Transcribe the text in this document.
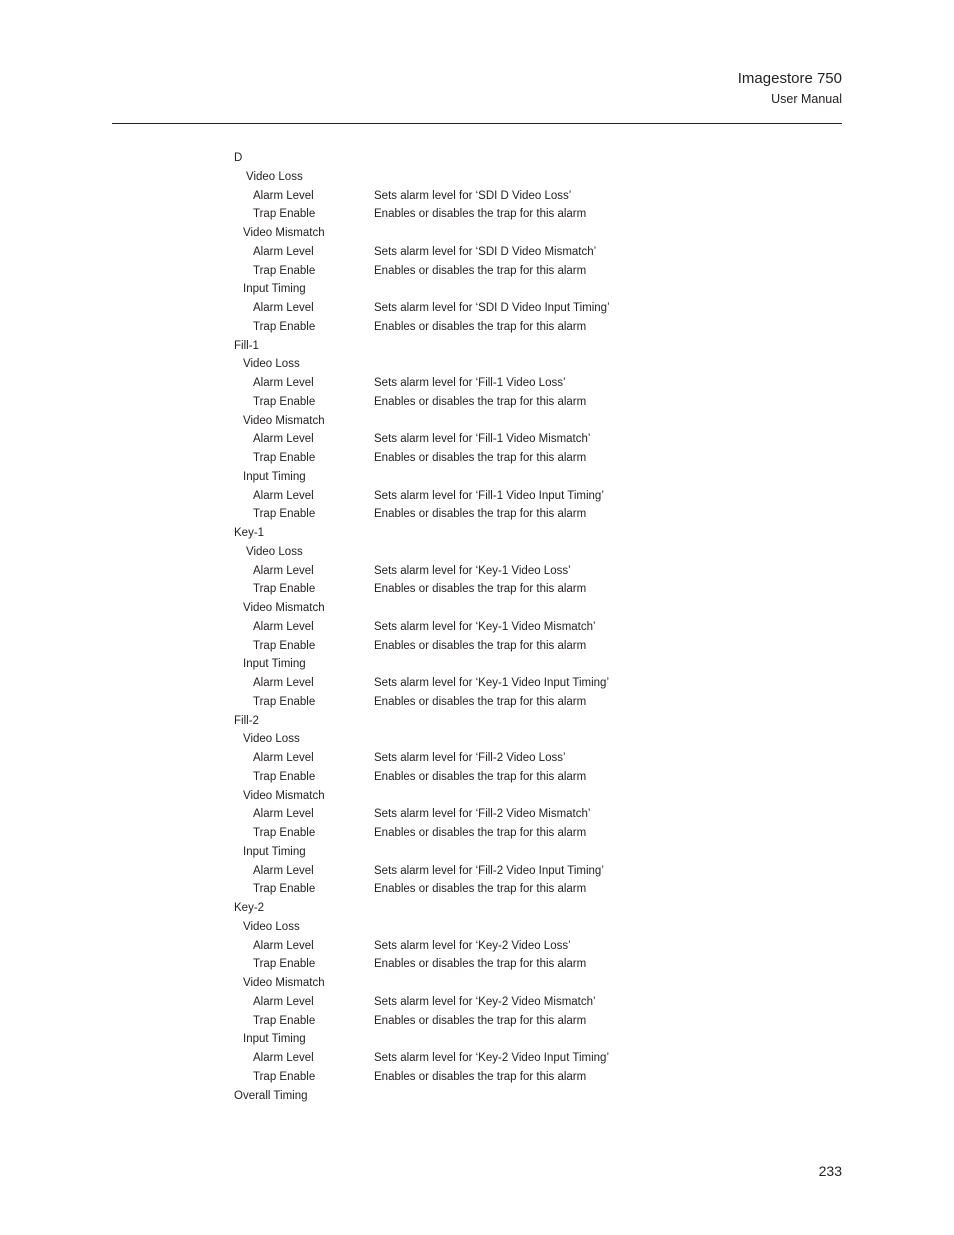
Imagestore 750
User Manual
D
Video Loss
Alarm Level	Sets alarm level for ‘SDI D Video Loss’
Trap Enable	Enables or disables the trap for this alarm
Video Mismatch
Alarm Level	Sets alarm level for ‘SDI D Video Mismatch’
Trap Enable	Enables or disables the trap for this alarm
Input Timing
Alarm Level	Sets alarm level for ‘SDI D Video Input Timing’
Trap Enable	Enables or disables the trap for this alarm
Fill-1
Video Loss
Alarm Level	Sets alarm level for ‘Fill-1 Video Loss’
Trap Enable	Enables or disables the trap for this alarm
Video Mismatch
Alarm Level	Sets alarm level for ‘Fill-1 Video Mismatch’
Trap Enable	Enables or disables the trap for this alarm
Input Timing
Alarm Level	Sets alarm level for ‘Fill-1 Video Input Timing’
Trap Enable	Enables or disables the trap for this alarm
Key-1
Video Loss
Alarm Level	Sets alarm level for ‘Key-1 Video Loss’
Trap Enable	Enables or disables the trap for this alarm
Video Mismatch
Alarm Level	Sets alarm level for ‘Key-1 Video Mismatch’
Trap Enable	Enables or disables the trap for this alarm
Input Timing
Alarm Level	Sets alarm level for ‘Key-1 Video Input Timing’
Trap Enable	Enables or disables the trap for this alarm
Fill-2
Video Loss
Alarm Level	Sets alarm level for ‘Fill-2 Video Loss’
Trap Enable	Enables or disables the trap for this alarm
Video Mismatch
Alarm Level	Sets alarm level for ‘Fill-2 Video Mismatch’
Trap Enable	Enables or disables the trap for this alarm
Input Timing
Alarm Level	Sets alarm level for ‘Fill-2 Video Input Timing’
Trap Enable	Enables or disables the trap for this alarm
Key-2
Video Loss
Alarm Level	Sets alarm level for ‘Key-2 Video Loss’
Trap Enable	Enables or disables the trap for this alarm
Video Mismatch
Alarm Level	Sets alarm level for ‘Key-2 Video Mismatch’
Trap Enable	Enables or disables the trap for this alarm
Input Timing
Alarm Level	Sets alarm level for ‘Key-2 Video Input Timing’
Trap Enable	Enables or disables the trap for this alarm
Overall Timing
233
